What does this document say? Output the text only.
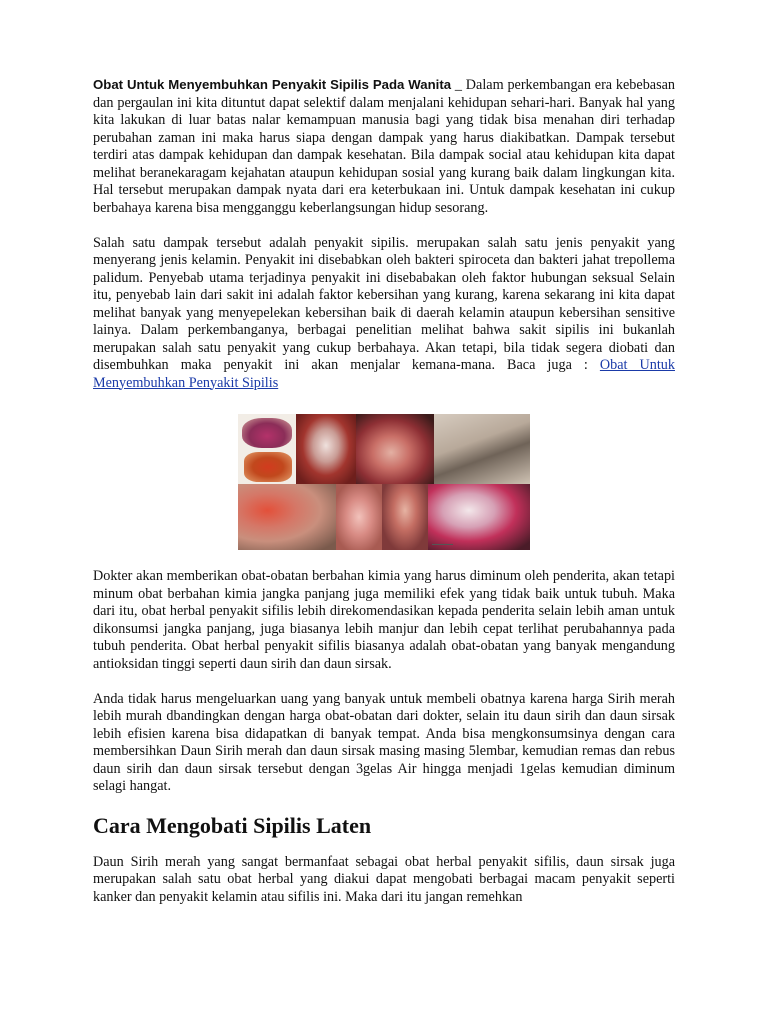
Obat Untuk Menyembuhkan Penyakit Sipilis Pada Wanita _ Dalam perkembangan era kebebasan dan pergaulan ini kita dituntut dapat selektif dalam menjalani kehidupan sehari-hari. Banyak hal yang kita lakukan di luar batas nalar kemampuan manusia bagi yang tidak bisa menahan diri terhadap perubahan zaman ini maka harus siapa dengan dampak yang harus diakibatkan. Dampak tersebut terdiri atas dampak kehidupan dan dampak kesehatan. Bila dampak social atau kehidupan kita dapat melihat beranekaragam kejahatan ataupun kehidupan sosial yang kurang baik dalam lingkungan kita. Hal tersebut merupakan dampak nyata dari era keterbukaan ini. Untuk dampak kesehatan ini cukup berbahaya karena bisa mengganggu keberlangsungan hidup sesorang.

Salah satu dampak tersebut adalah penyakit sipilis. merupakan salah satu jenis penyakit yang menyerang jenis kelamin. Penyakit ini disebabkan oleh bakteri spiroceta dan bakteri jahat trepollema palidum. Penyebab utama terjadinya penyakit ini disebabakan oleh faktor hubungan seksual Selain itu, penyebab lain dari sakit ini adalah faktor kebersihan yang kurang, karena sekarang ini kita dapat melihat banyak yang menyepelekan kebersihan baik di daerah kelamin ataupun kebersihan sensitive lainya. Dalam perkembanganya, berbagai penelitian melihat bahwa sakit sipilis ini bukanlah merupakan salah satu penyakit yang cukup berbahaya. Akan tetapi, bila tidak segera diobati dan disembuhkan maka penyakit ini akan menjalar kemana-mana. Baca juga : Obat Untuk Menyembuhkan Penyakit Sipilis

▬▬▬▬▬▬

Dokter akan memberikan obat-obatan berbahan kimia yang harus diminum oleh penderita, akan tetapi minum obat berbahan kimia jangka panjang juga memiliki efek yang tidak baik untuk tubuh. Maka dari itu, obat herbal penyakit sifilis lebih direkomendasikan kepada penderita selain lebih aman untuk dikonsumsi jangka panjang, juga biasanya lebih manjur dan lebih cepat terlihat perubahannya pada tubuh penderita. Obat herbal penyakit sifilis biasanya adalah obat-obatan yang banyak mengandung antioksidan tinggi seperti daun sirih dan daun sirsak.

Anda tidak harus mengeluarkan uang yang banyak untuk membeli obatnya karena harga Sirih merah lebih murah dbandingkan dengan harga obat-obatan dari dokter, selain itu daun sirih dan daun sirsak lebih efisien karena bisa didapatkan di banyak tempat. Anda bisa mengkonsumsinya dengan cara membersihkan Daun Sirih merah dan daun sirsak masing masing 5lembar, kemudian remas dan rebus daun sirih dan daun sirsak tersebut dengan 3gelas Air hingga menjadi 1gelas kemudian diminum selagi hangat.

Cara Mengobati Sipilis Laten

Daun Sirih merah yang sangat bermanfaat sebagai obat herbal penyakit sifilis, daun sirsak juga merupakan salah satu obat herbal yang diakui dapat mengobati berbagai macam penyakit seperti kanker dan penyakit kelamin atau sifilis ini. Maka dari itu jangan remehkan
